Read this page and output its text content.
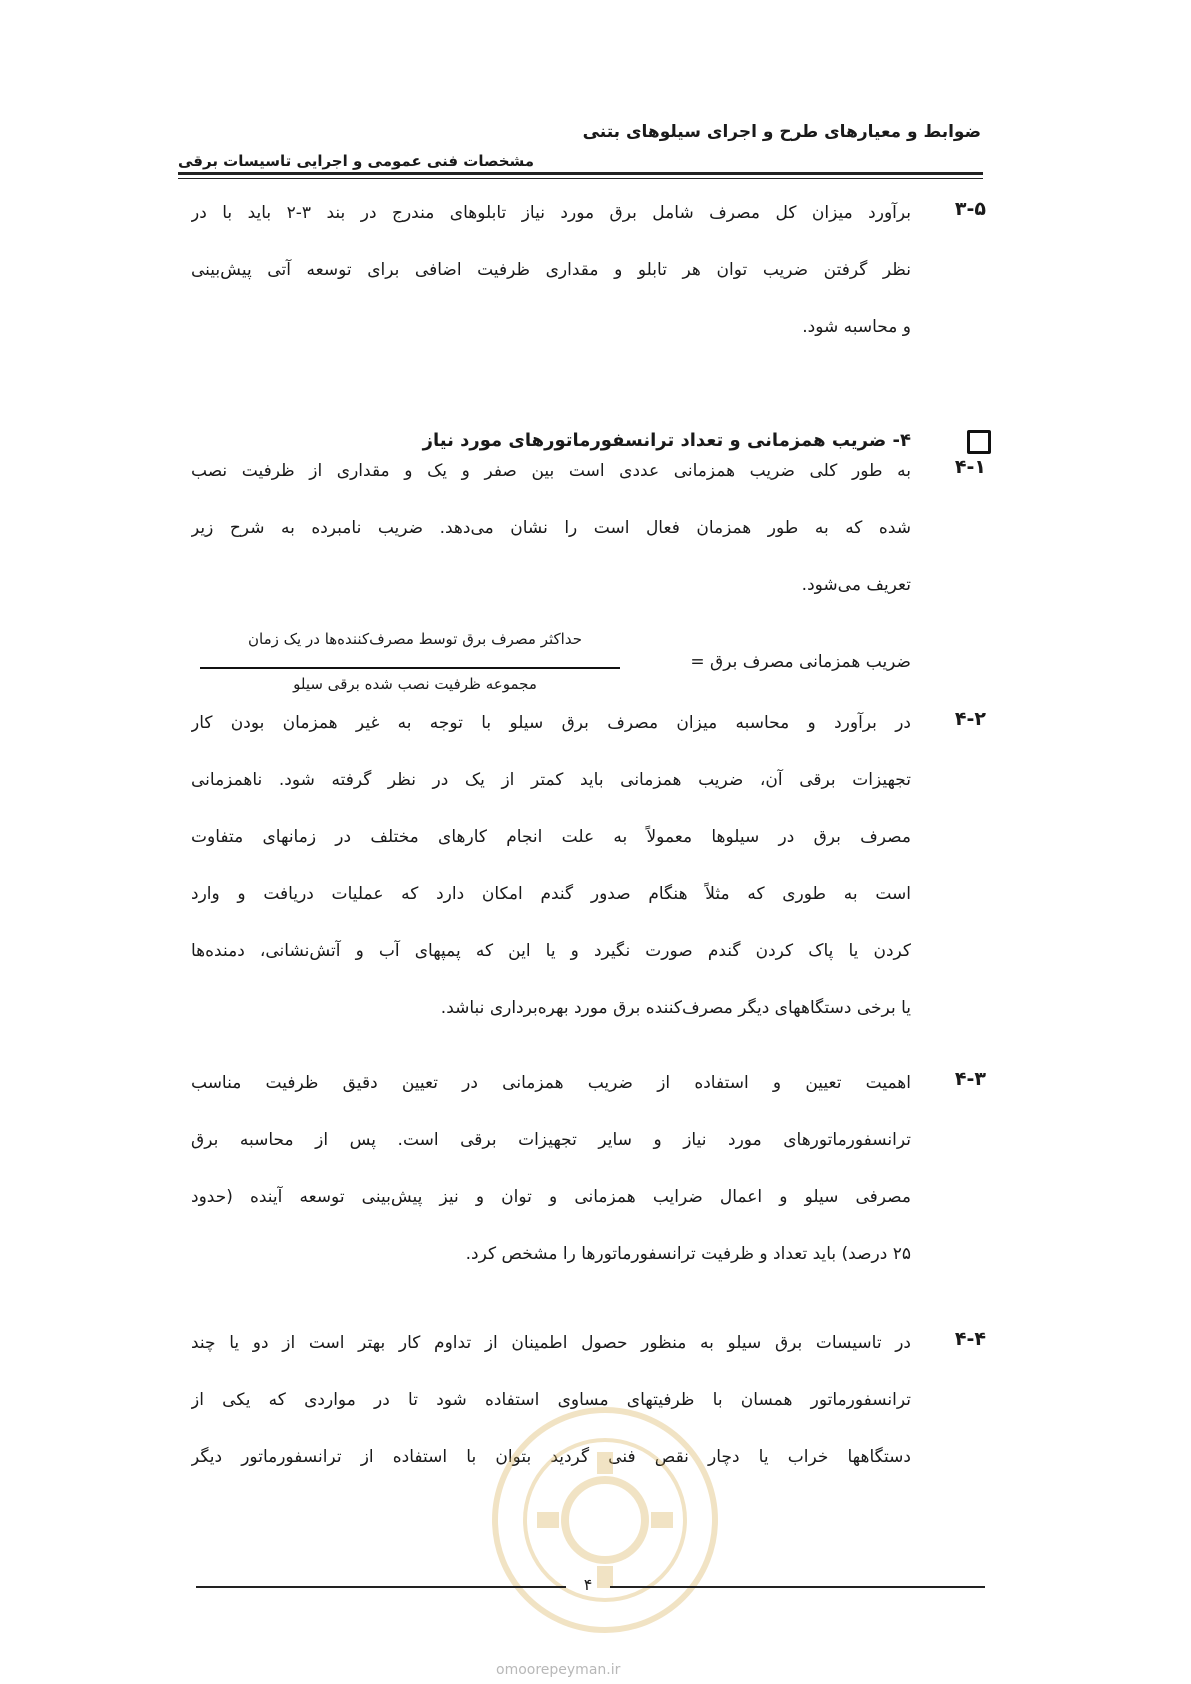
ضوابط و معیارهای طرح و اجرای سیلوهای بتنی
مشخصات فنی عمومی و اجرایی تاسیسات برقی
۳-۵
برآورد میزان کل مصرف شامل برق مورد نیاز تابلوهای مندرج در بند ۳-۲ باید با در
نظر گرفتن ضریب توان هر تابلو و مقداری ظرفیت اضافی برای توسعه آتی پیش‌بینی
و محاسبه شود.
۴- ضریب همزمانی و تعداد ترانسفورماتورهای مورد نیاز
۴-۱
به طور کلی ضریب همزمانی عددی است بین صفر و یک و مقداری از ظرفیت نصب
شده که به طور همزمان فعال است را نشان می‌دهد. ضریب نامبرده به شرح زیر
تعریف می‌شود.
حداکثر مصرف برق توسط مصرف‌کننده‌ها در یک زمان
مجموعه ظرفیت نصب شده برقی سیلو
ضریب همزمانی مصرف برق =
۴-۲
در برآورد و محاسبه میزان مصرف برق سیلو با توجه به غیر همزمان بودن کار
تجهیزات برقی آن، ضریب همزمانی باید کمتر از یک در نظر گرفته شود. ناهمزمانی
مصرف برق در سیلوها معمولاً به علت انجام کارهای مختلف در زمانهای متفاوت
است به طوری که مثلاً هنگام صدور گندم امکان دارد که عملیات دریافت و وارد
کردن یا پاک کردن گندم صورت نگیرد و یا این که پمپهای آب و آتش‌نشانی، دمنده‌ها
یا برخی دستگاههای دیگر مصرف‌کننده برق مورد بهره‌برداری نباشد.
۴-۳
اهمیت تعیین و استفاده از ضریب همزمانی در تعیین دقیق ظرفیت مناسب
ترانسفورماتورهای مورد نیاز و سایر تجهیزات برقی است. پس از محاسبه برق
مصرفی سیلو و اعمال ضرایب همزمانی و توان و نیز پیش‌بینی توسعه آینده (حدود
۲۵ درصد) باید تعداد و ظرفیت ترانسفورماتورها را مشخص کرد.
۴-۴
در تاسیسات برق سیلو به منظور حصول اطمینان از تداوم کار بهتر است از دو یا چند
ترانسفورماتور همسان با ظرفیتهای مساوی استفاده شود تا در مواردی که یکی از
دستگاهها خراب یا دچار نقص فنی گردید بتوان با استفاده از ترانسفورماتور دیگر
۴
omoorepeyman.ir
